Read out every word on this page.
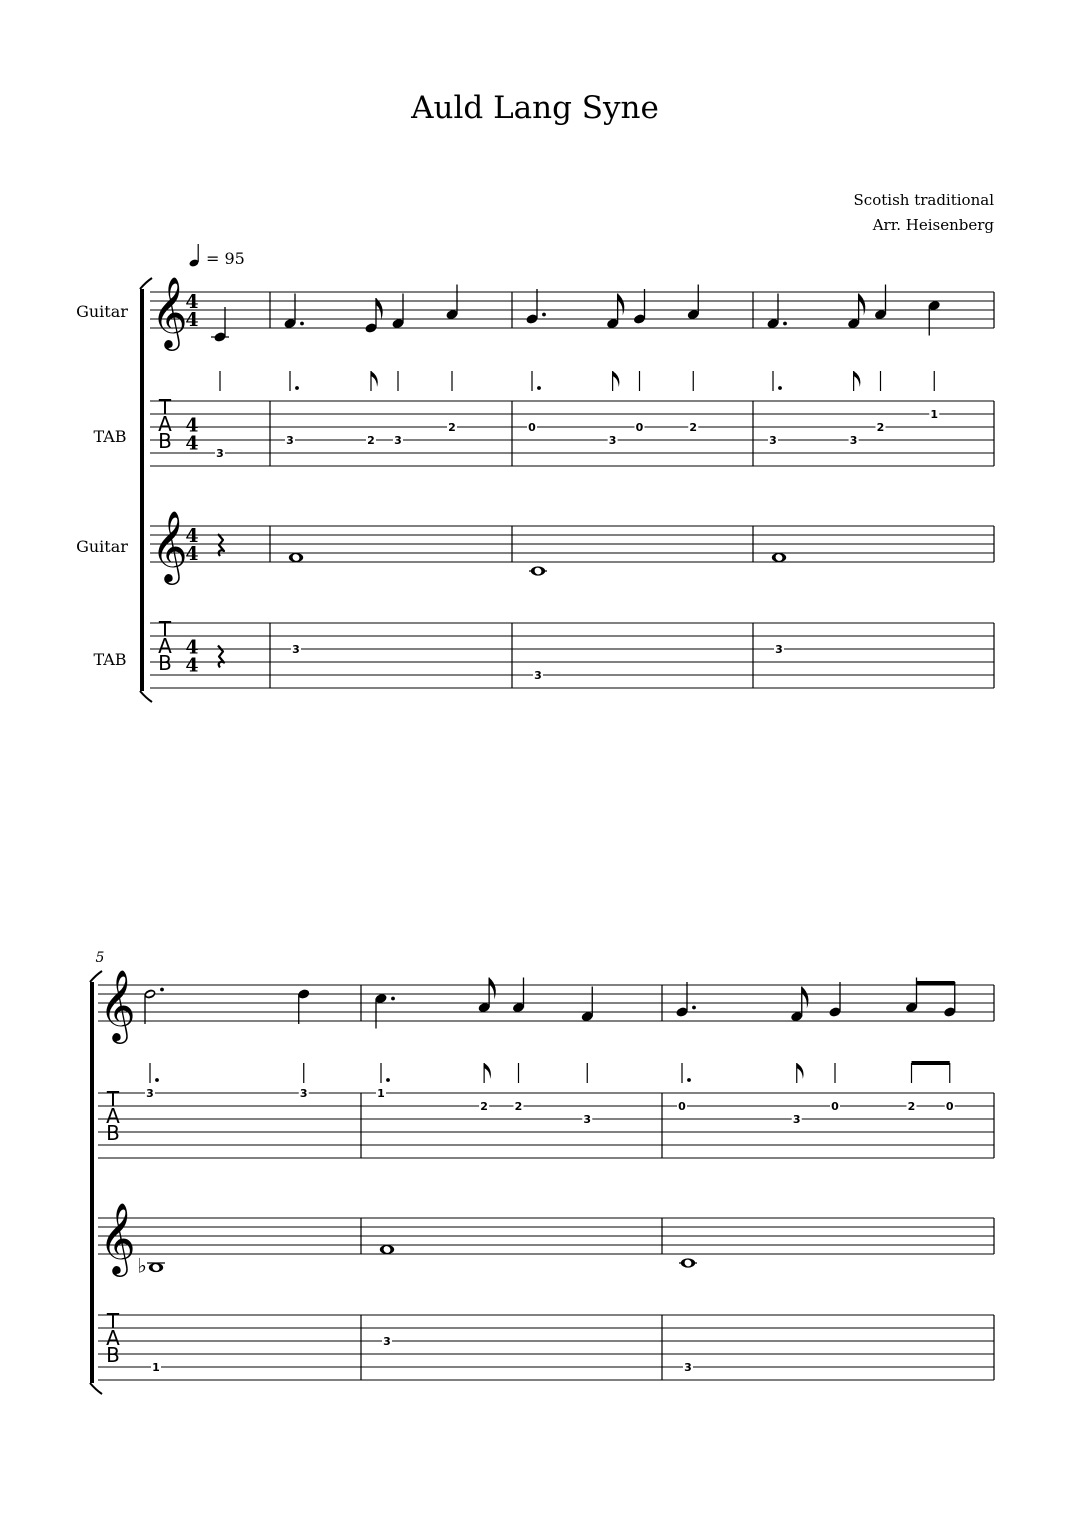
Auld Lang Syne
Scotish traditional
Arr. Heisenberg
= 95
Guitar
TAB
Guitar
TAB
𝄞
𝄞
T
A
B
T
A
B
4
4
4
4
4
4
4
4
3
3	2 3
2
3
0
3
0	2
3
3	3
2
1
3
5
𝄞
𝄞
T
A
B
T
A
B
3	3
♭
1
1
2 2
3
3
0
3
0	2	0
3
